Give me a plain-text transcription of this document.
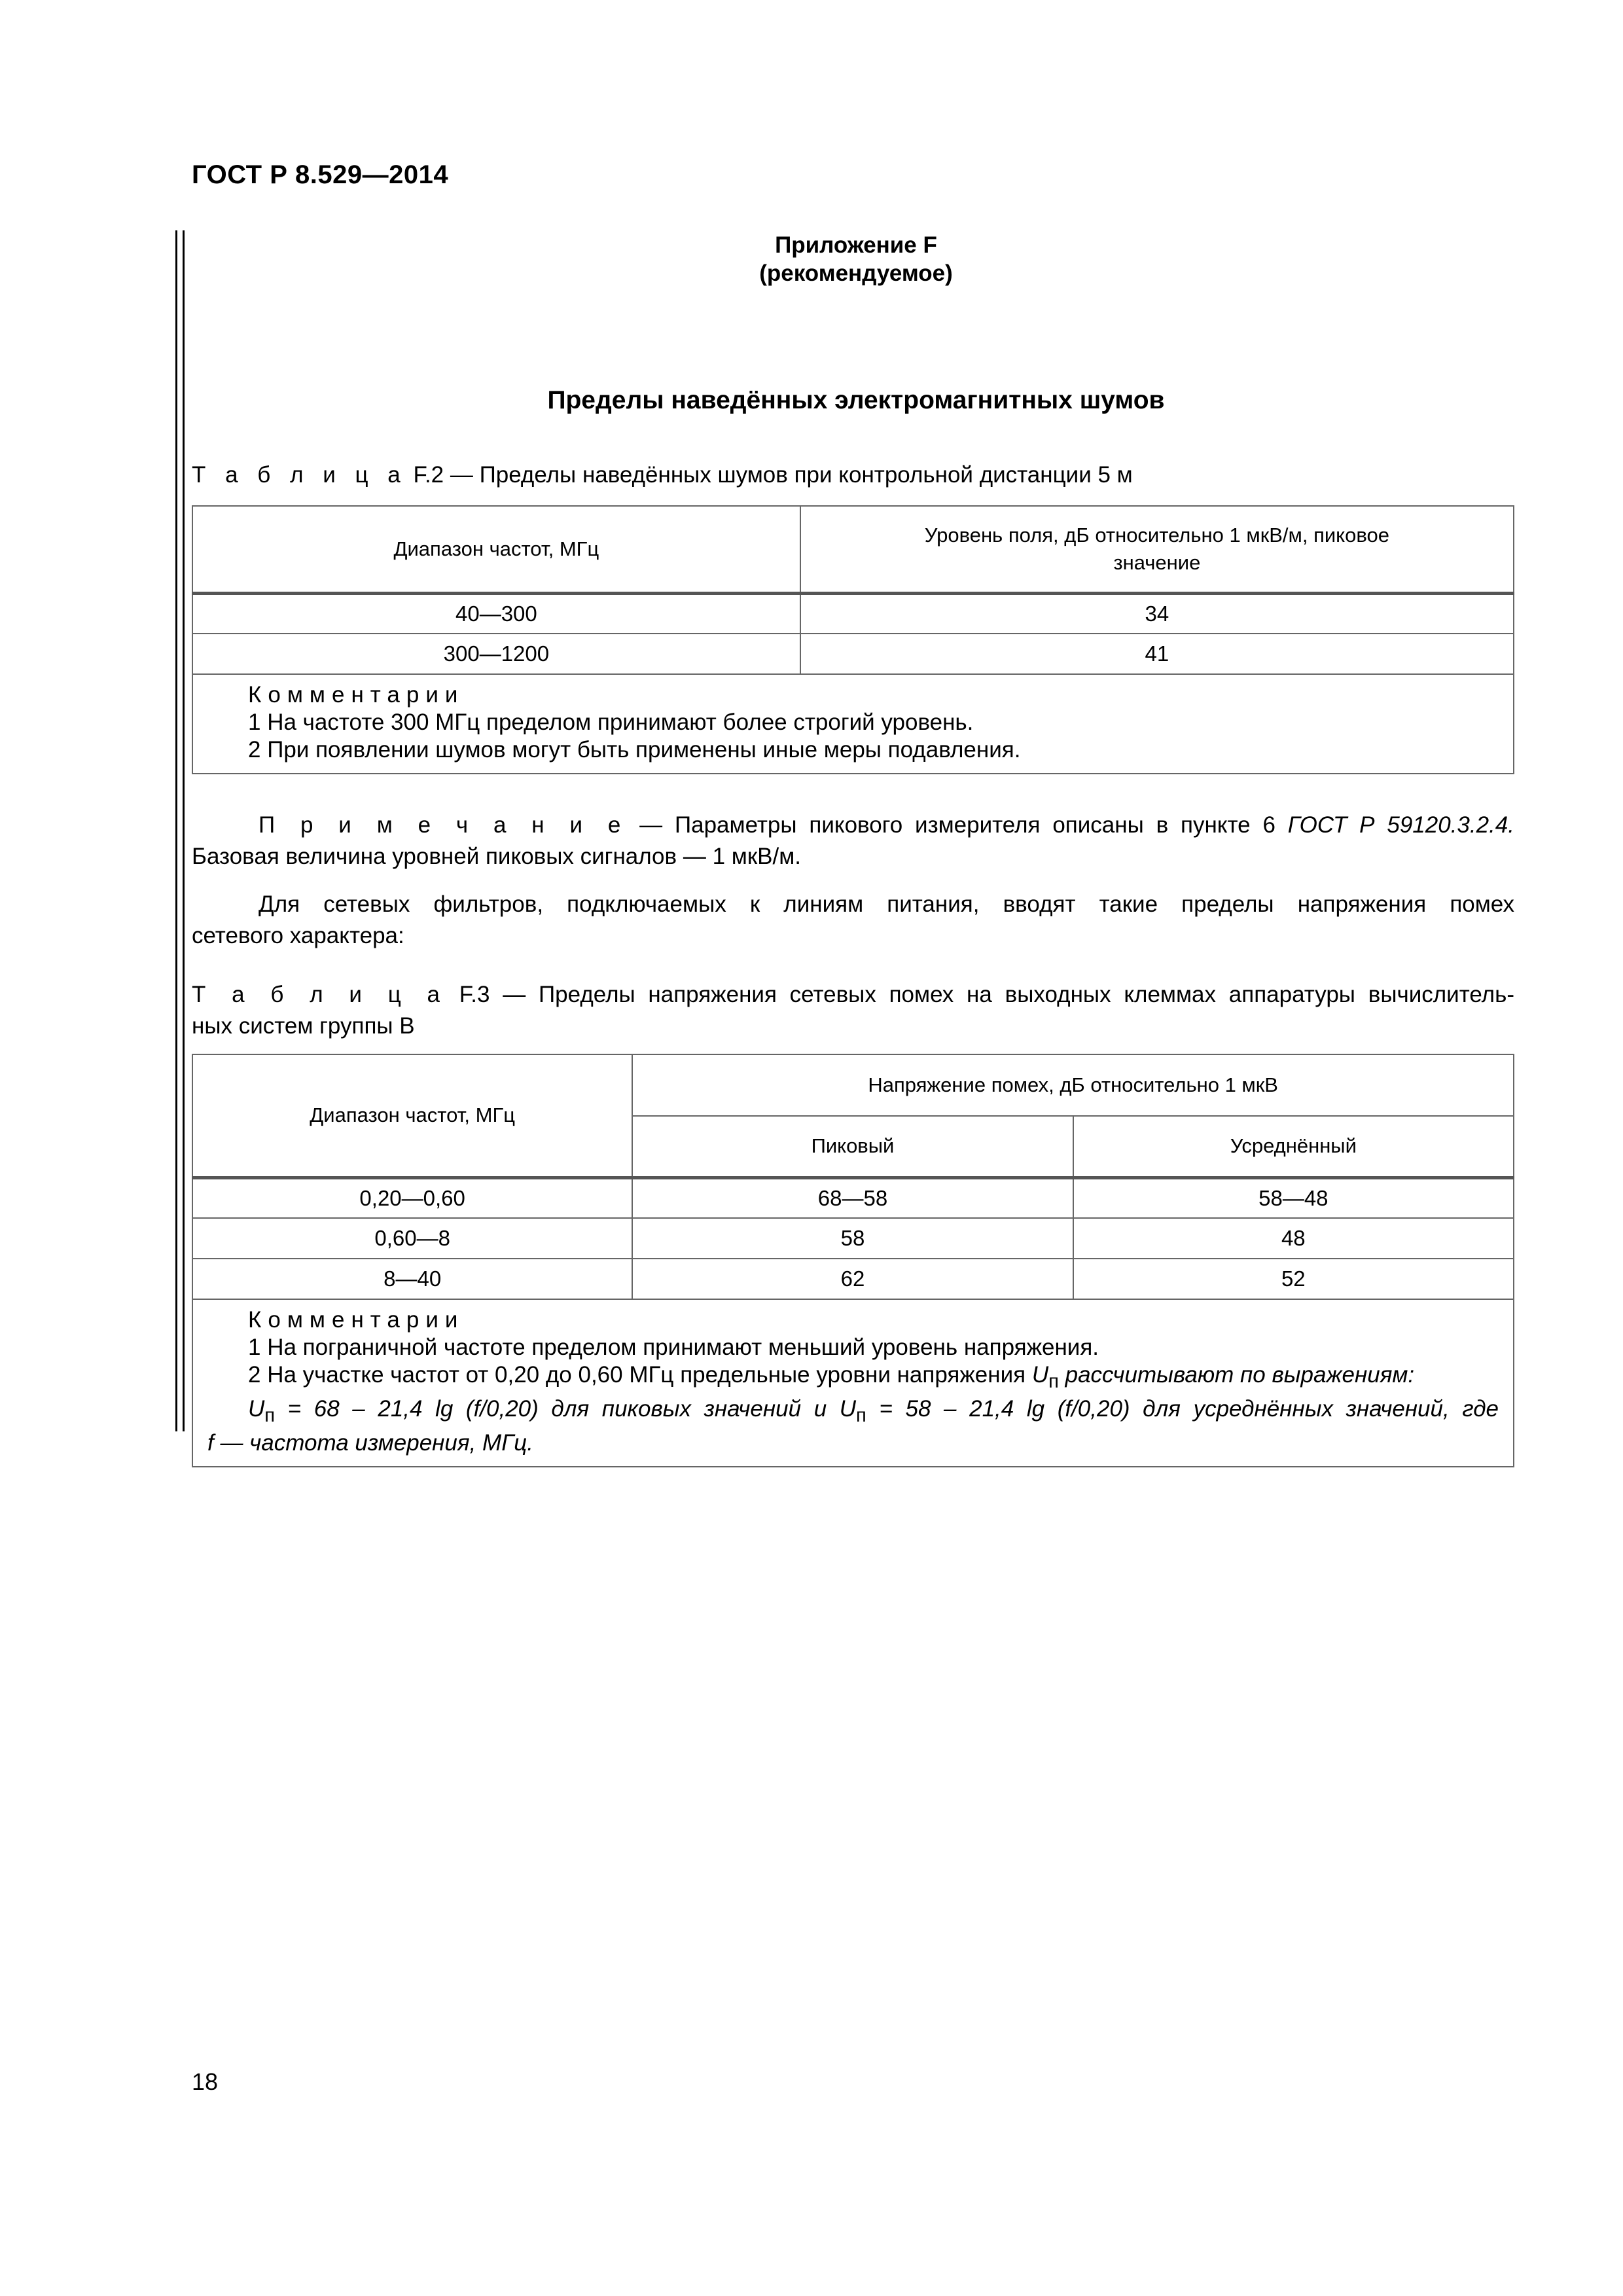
ГОСТ Р 8.529—2014
Приложение F
(рекомендуемое)
Пределы наведённых электромагнитных шумов
Т а б л и ц а F.2 — Пределы наведённых шумов при контрольной дистанции 5 м
Диапазон частот, МГц	Уровень поля, дБ относительно 1 мкВ/м, пиковое
значение

40—300	34
300—1200	41

Комментарии
1 На частоте 300 МГц пределом принимают более строгий уровень.
2 При появлении шумов могут быть применены иные меры подавления.	
П р и м е ч а н и е — Параметры пикового измерителя описаны в пункте 6 ГОСТ Р 59120.3.2.4.
Базовая величина уровней пиковых сигналов — 1 мкВ/м.
Для сетевых фильтров, подключаемых к линиям питания, вводят такие пределы напряжения помех
сетевого характера:
Т а б л и ц а F.3 — Пределы напряжения сетевых помех на выходных клеммах аппаратуры вычислитель-
ных систем группы В
Диапазон частот, МГц	Напряжение помех, дБ относительно 1 мкВ	
	Пиковый	Усреднённый
0,20—0,60	68—58	58—48
0,60—8	58	48
8—40	62	52

Комментарии
1 На пограничной частоте пределом принимают меньший уровень напряжения.
2 На участке частот от 0,20 до 0,60 МГц предельные уровни напряжения $U_п$ рассчитывают по выражениям:
$U_п = 68 - 21,4$ lg (f/0,20) для пиковых значений и $U_п = 58 - 21,4$ lg (f/0,20) для усреднённых значений, где
f — частота измерения, МГц.		
18
